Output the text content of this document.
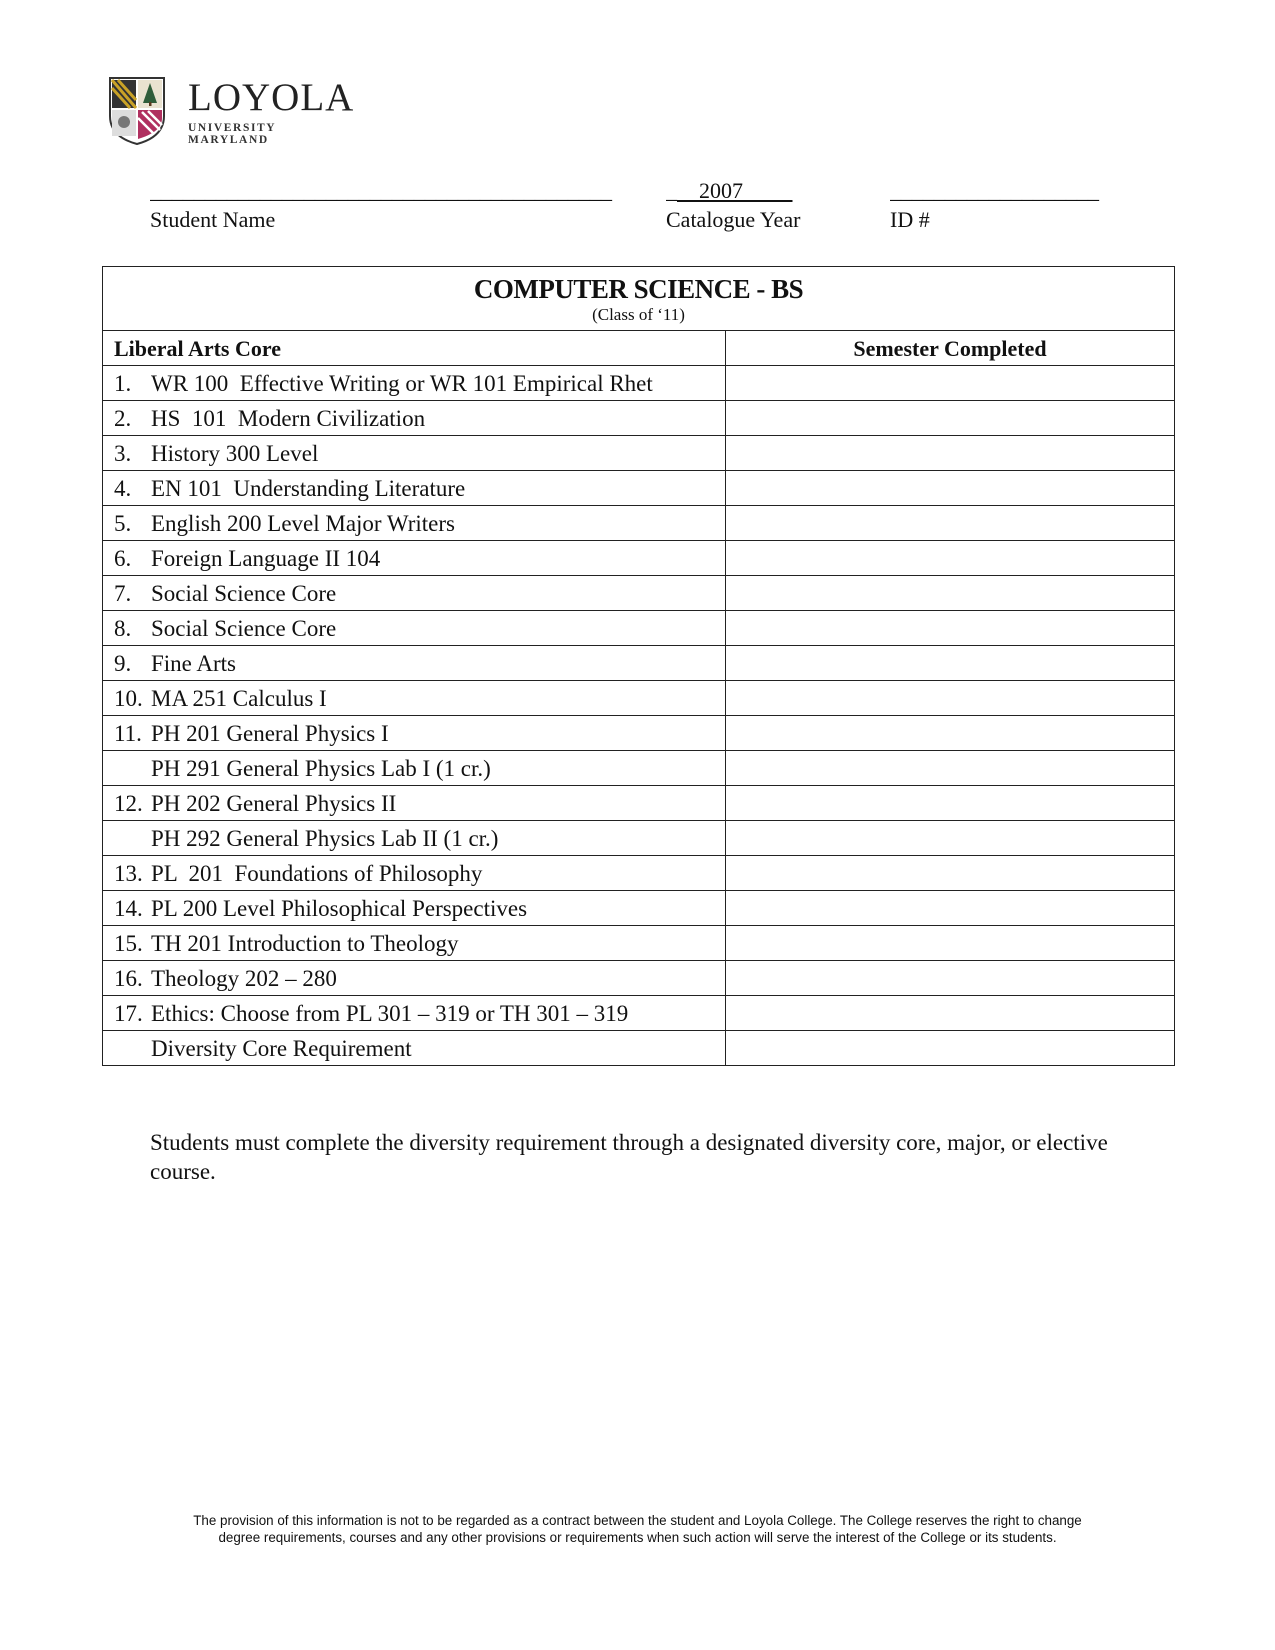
LOYOLA
UNIVERSITY MARYLAND
__________________________________________
Student Name
_ 2007
Catalogue Year
___________________
ID #
COMPUTER SCIENCE - BS
(Class of ‘11)	

Liberal Arts Core	Semester Completed
1. WR 100  Effective Writing or WR 101 Empirical Rhet	
2. HS  101  Modern Civilization	
3. History 300 Level	
4. EN 101  Understanding Literature	
5. English 200 Level Major Writers	
6. Foreign Language II 104	
7. Social Science Core	
8. Social Science Core	
9. Fine Arts	
10. MA 251 Calculus I	
11. PH 201 General Physics I	
PH 291 General Physics Lab I (1 cr.)	
12. PH 202 General Physics II	
PH 292 General Physics Lab II (1 cr.)	
13. PL  201  Foundations of Philosophy	
14. PL 200 Level Philosophical Perspectives	
15. TH 201 Introduction to Theology	
16. Theology 202 – 280	
17. Ethics: Choose from PL 301 – 319 or TH 301 – 319	
Diversity Core Requirement	
Students must complete the diversity requirement through a designated diversity core, major, or elective course.
The provision of this information is not to be regarded as a contract between the student and Loyola College. The College reserves the right to change
degree requirements, courses and any other provisions or requirements when such action will serve the interest of the College or its students.
